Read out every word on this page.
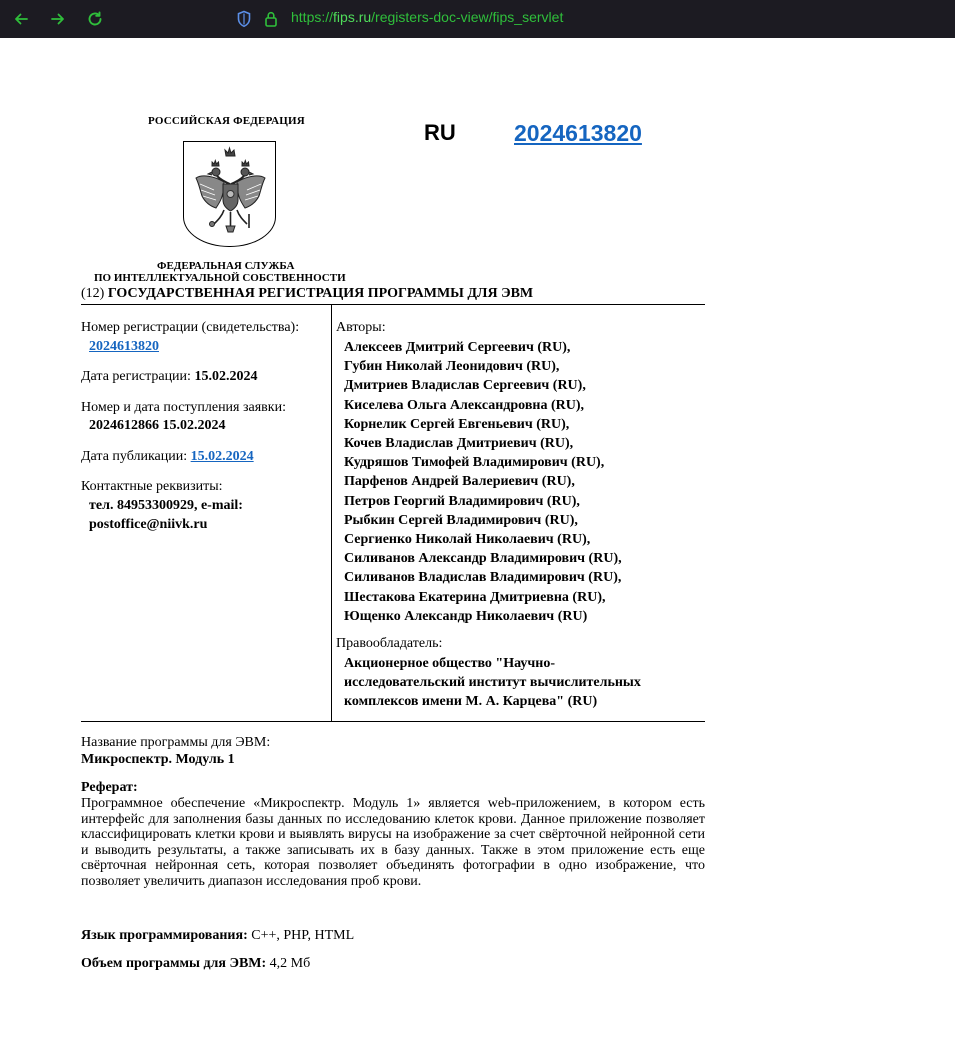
https://fips.ru/registers-doc-view/fips_servlet
РОССИЙСКАЯ ФЕДЕРАЦИЯ
ФЕДЕРАЛЬНАЯ СЛУЖБА
ПО ИНТЕЛЛЕКТУАЛЬНОЙ СОБСТВЕННОСТИ
RU	2024613820
(12) ГОСУДАРСТВЕННАЯ РЕГИСТРАЦИЯ ПРОГРАММЫ ДЛЯ ЭВМ
Номер регистрации (свидетельства):
2024613820
Дата регистрации: 15.02.2024
Номер и дата поступления заявки:
2024612866 15.02.2024
Дата публикации: 15.02.2024
Контактные реквизиты:
тел. 84953300929, e-mail:
postoffice@niivk.ru
Авторы:
Алексеев Дмитрий Сергеевич (RU),
Губин Николай Леонидович (RU),
Дмитриев Владислав Сергеевич (RU),
Киселева Ольга Александровна (RU),
Корнелик Сергей Евгеньевич (RU),
Кочев Владислав Дмитриевич (RU),
Кудряшов Тимофей Владимирович (RU),
Парфенов Андрей Валериевич (RU),
Петров Георгий Владимирович (RU),
Рыбкин Сергей Владимирович (RU),
Сергиенко Николай Николаевич (RU),
Силиванов Александр Владимирович (RU),
Силиванов Владислав Владимирович (RU),
Шестакова Екатерина Дмитриевна (RU),
Ющенко Александр Николаевич (RU)
Правообладатель:
Акционерное общество "Научно-
исследовательский институт вычислительных
комплексов имени М. А. Карцева" (RU)
Название программы для ЭВМ:
Микроспектр. Модуль 1
Реферат:
Программное обеспечение «Микроспектр. Модуль 1» является web-приложением, в котором есть интерфейс для заполнения базы данных по исследованию клеток крови. Данное приложение позволяет классифицировать клетки крови и выявлять вирусы на изображение за счет свёрточной нейронной сети и выводить результаты, а также записывать их в базу данных. Также в этом приложение есть еще свёрточная нейронная сеть, которая позволяет объединять фотографии в одно изображение, что позволяет увеличить диапазон исследования проб крови.
Язык программирования: C++, PHP, HTML
Объем программы для ЭВМ: 4,2 Мб
